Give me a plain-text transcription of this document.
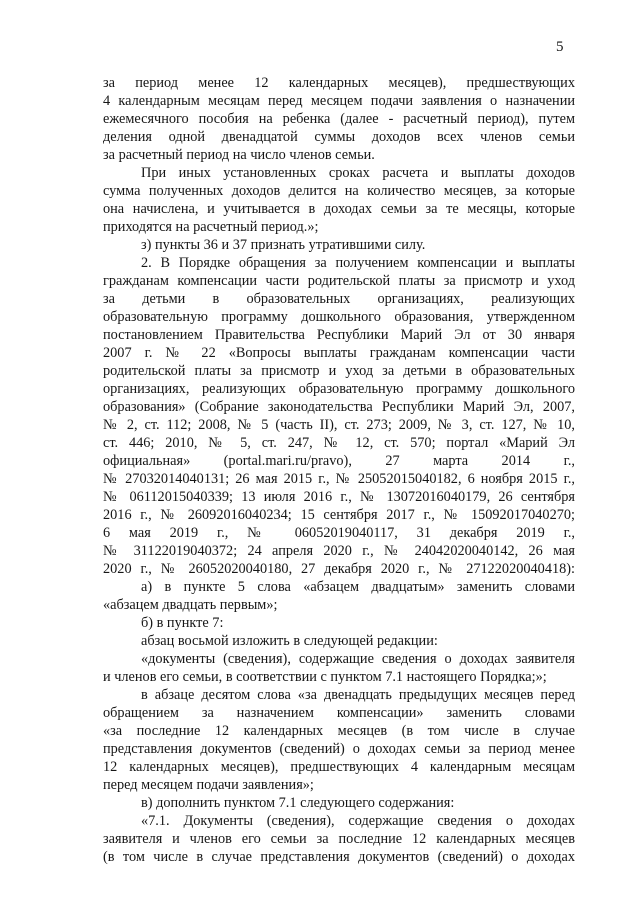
5
за период менее 12 календарных месяцев), предшествующих
4 календарным месяцам перед месяцем подачи заявления о назначении
ежемесячного пособия на ребенка (далее - расчетный период), путем
деления одной двенадцатой суммы доходов всех членов семьи
за расчетный период на число членов семьи.
При иных установленных сроках расчета и выплаты доходов
сумма полученных доходов делится на количество месяцев, за которые
она начислена, и учитывается в доходах семьи за те месяцы, которые
приходятся на расчетный период.»;
з) пункты 36 и 37 признать утратившими силу.
2. В Порядке обращения за получением компенсации и выплаты
гражданам компенсации части родительской платы за присмотр и уход
за детьми в образовательных организациях, реализующих
образовательную программу дошкольного образования, утвержденном
постановлением Правительства Республики Марий Эл от 30 января
2007 г. № 22 «Вопросы выплаты гражданам компенсации части
родительской платы за присмотр и уход за детьми в образовательных
организациях, реализующих образовательную программу дошкольного
образования» (Собрание законодательства Республики Марий Эл, 2007,
№ 2, ст. 112; 2008, № 5 (часть II), ст. 273; 2009, № 3, ст. 127, № 10,
ст. 446; 2010, № 5, ст. 247, № 12, ст. 570; портал «Марий Эл
официальная» (portal.mari.ru/pravo), 27 марта 2014 г.,
№ 27032014040131; 26 мая 2015 г., № 25052015040182, 6 ноября 2015 г.,
№ 06112015040339; 13 июля 2016 г., № 13072016040179, 26 сентября
2016 г., № 26092016040234; 15 сентября 2017 г., № 15092017040270;
6 мая 2019 г., № 06052019040117, 31 декабря 2019 г.,
№ 31122019040372; 24 апреля 2020 г., № 24042020040142, 26 мая
2020 г., № 26052020040180, 27 декабря 2020 г., № 27122020040418):
а) в пункте 5 слова «абзацем двадцатым» заменить словами
«абзацем двадцать первым»;
б) в пункте 7:
абзац восьмой изложить в следующей редакции:
«документы (сведения), содержащие сведения о доходах заявителя
и членов его семьи, в соответствии с пунктом 7.1 настоящего Порядка;»;
в абзаце десятом слова «за двенадцать предыдущих месяцев перед
обращением за назначением компенсации» заменить словами
«за последние 12 календарных месяцев (в том числе в случае
представления документов (сведений) о доходах семьи за период менее
12 календарных месяцев), предшествующих 4 календарным месяцам
перед месяцем подачи заявления»;
в) дополнить пунктом 7.1 следующего содержания:
«7.1. Документы (сведения), содержащие сведения о доходах
заявителя и членов его семьи за последние 12 календарных месяцев
(в том числе в случае представления документов (сведений) о доходах
